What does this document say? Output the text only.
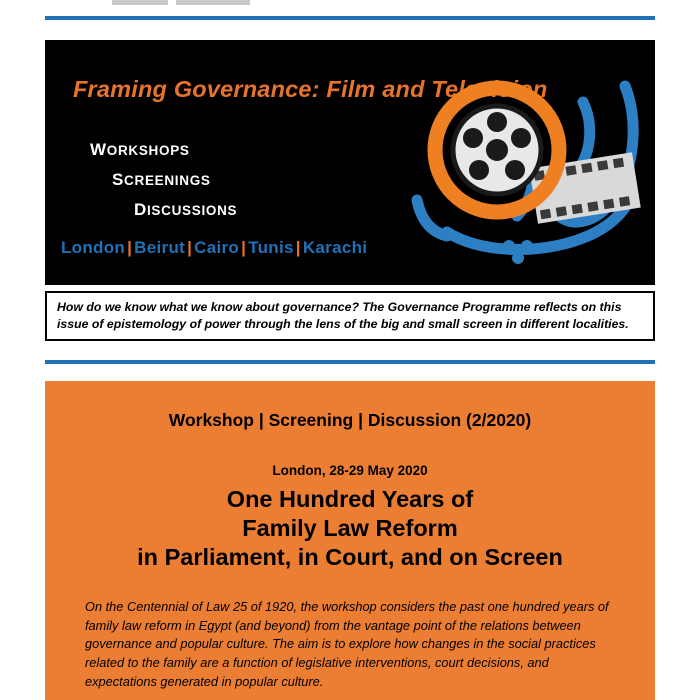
Framing Governance: Film and Television
WORKSHOPS
SCREENINGS
DISCUSSIONS
London | Beirut | Cairo | Tunis | Karachi
How do we know what we know about governance? The Governance Programme reflects on this issue of epistemology of power through the lens of the big and small screen in different localities.
Workshop | Screening | Discussion (2/2020)
London, 28-29 May 2020
One Hundred Years of
Family Law Reform
in Parliament, in Court, and on Screen

On the Centennial of Law 25 of 1920, the workshop considers the past one hundred years of family law reform in Egypt (and beyond) from the vantage point of the relations between governance and popular culture. The aim is to explore how changes in the social practices related to the family are a function of legislative interventions, court decisions, and expectations generated in popular culture.
